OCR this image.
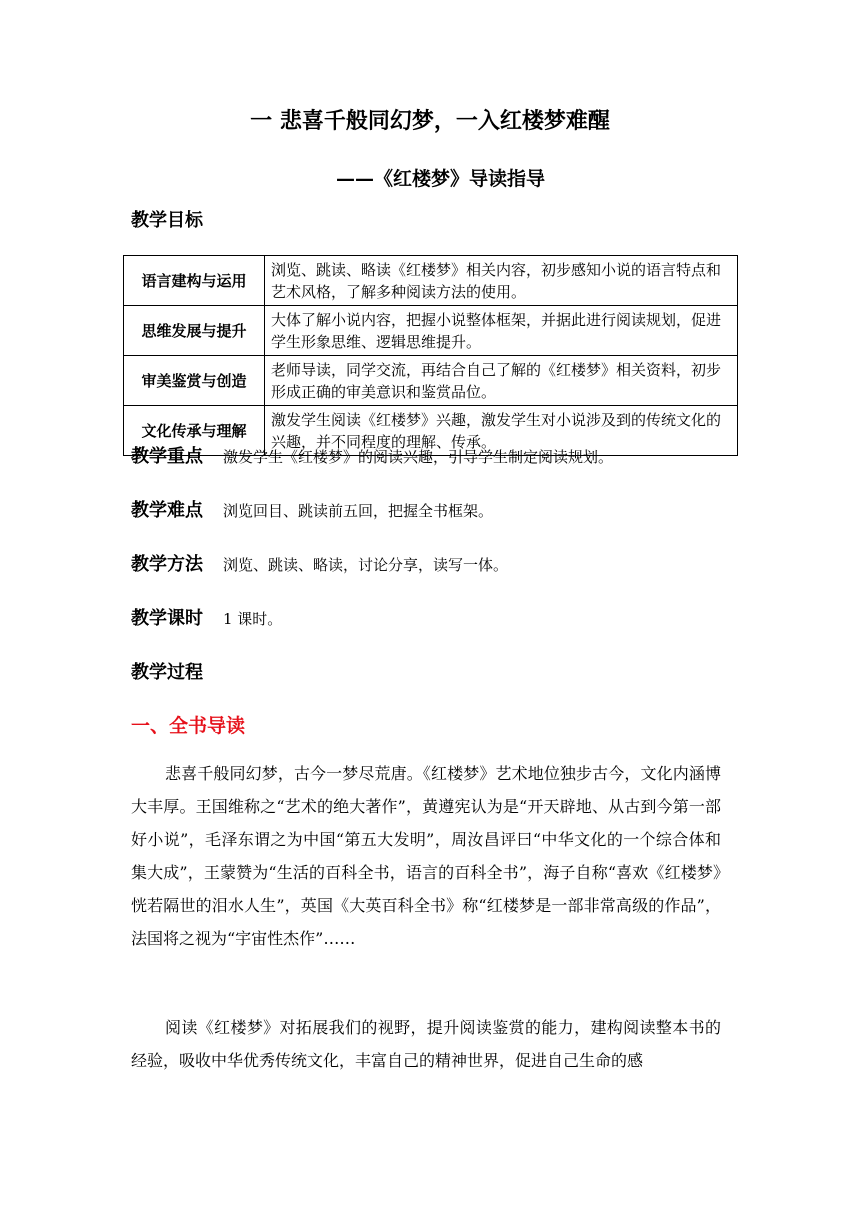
一 悲喜千般同幻梦，一入红楼梦难醒
——《红楼梦》导读指导
教学目标
语言建构与运用	浏览、跳读、略读《红楼梦》相关内容，初步感知小说的语言特点和艺术风格，了解多种阅读方法的使用。
思维发展与提升	大体了解小说内容，把握小说整体框架，并据此进行阅读规划，促进学生形象思维、逻辑思维提升。
审美鉴赏与创造	老师导读，同学交流，再结合自己了解的《红楼梦》相关资料，初步形成正确的审美意识和鉴赏品位。
文化传承与理解	激发学生阅读《红楼梦》兴趣，激发学生对小说涉及到的传统文化的兴趣，并不同程度的理解、传承。
教学重点 激发学生《红楼梦》的阅读兴趣，引导学生制定阅读规划。
教学难点 浏览回目、跳读前五回，把握全书框架。
教学方法 浏览、跳读、略读，讨论分享，读写一体。
教学课时 1 课时。
教学过程
一、全书导读

悲喜千般同幻梦，古今一梦尽荒唐。《红楼梦》艺术地位独步古今，文化内涵博大丰厚。王国维称之“艺术的绝大著作”，黄遵宪认为是“开天辟地、从古到今第一部好小说”，毛泽东谓之为中国“第五大发明”，周汝昌评曰“中华文化的一个综合体和集大成”，王蒙赞为“生活的百科全书，语言的百科全书”，海子自称“喜欢《红楼梦》恍若隔世的泪水人生”，英国《大英百科全书》称“红楼梦是一部非常高级的作品”，法国将之视为“宇宙性杰作”……

阅读《红楼梦》对拓展我们的视野，提升阅读鉴赏的能力，建构阅读整本书的经验，吸收中华优秀传统文化，丰富自己的精神世界，促进自己生命的感
